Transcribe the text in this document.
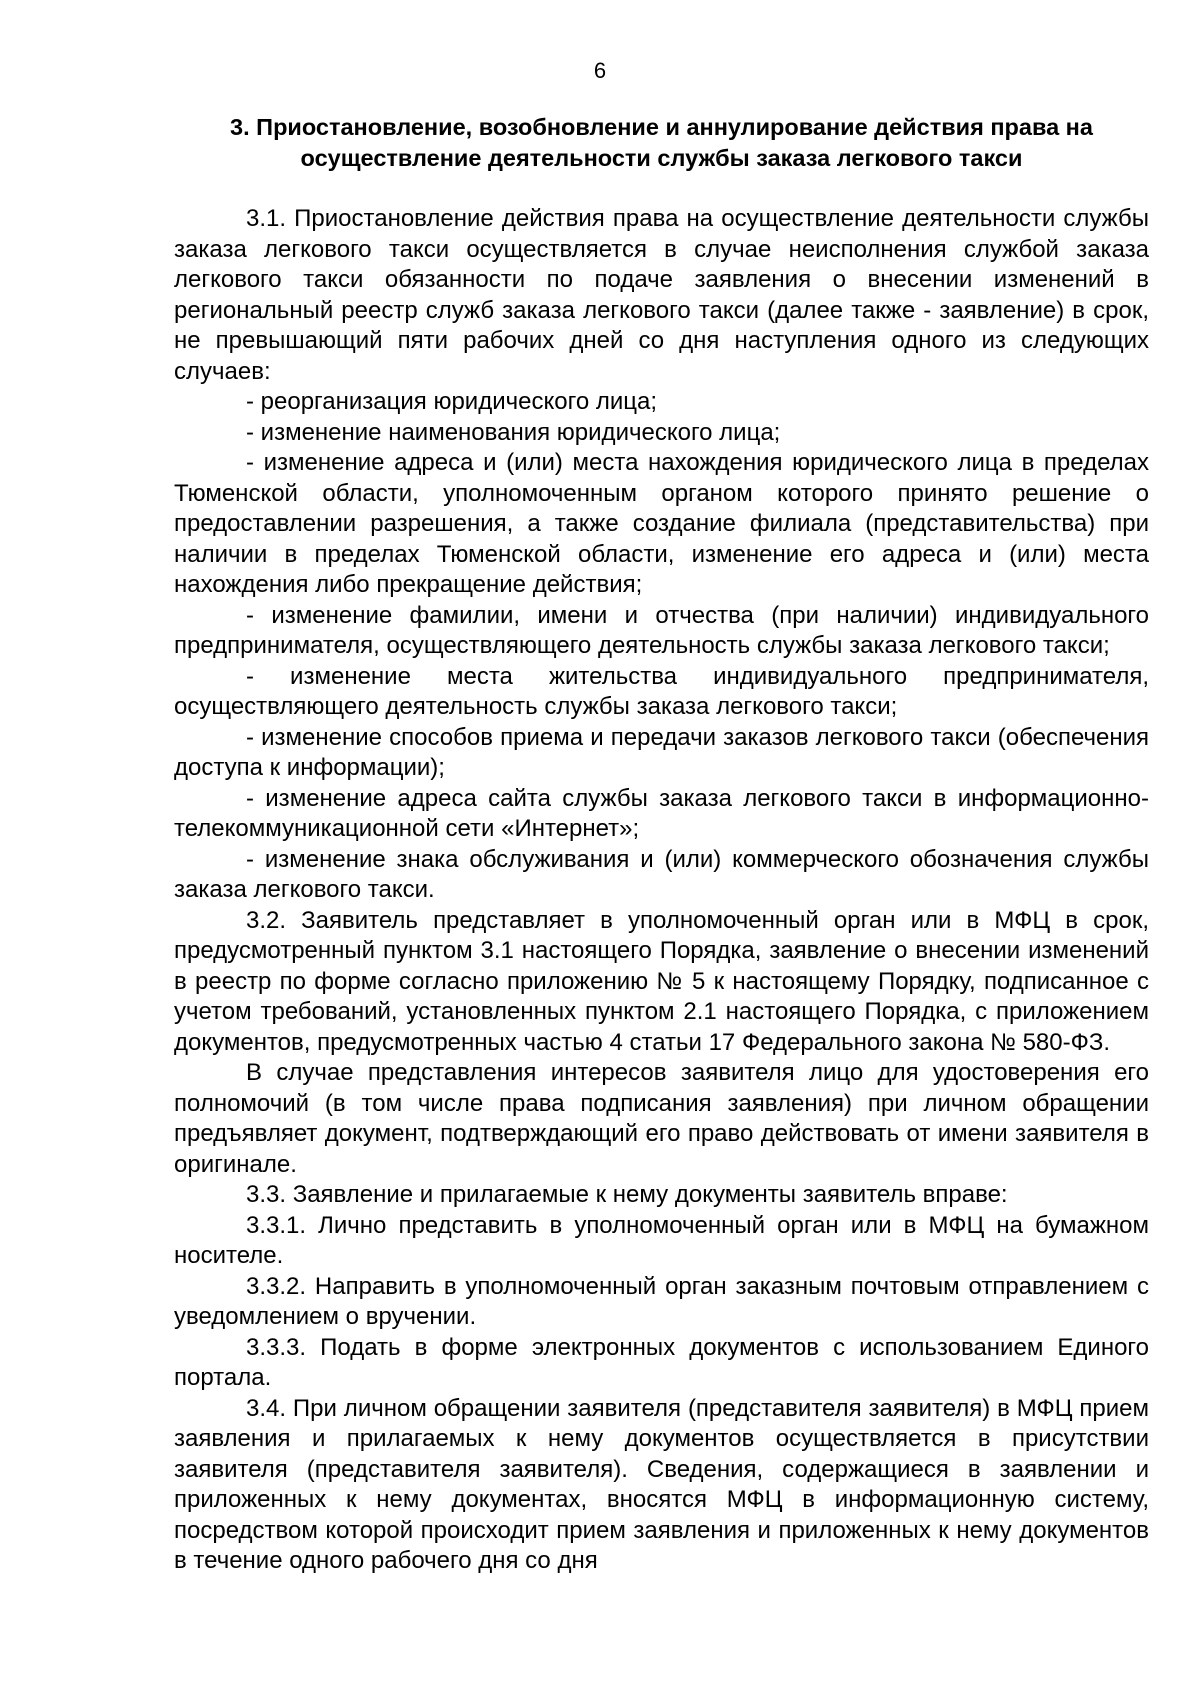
6
3. Приостановление, возобновление и аннулирование действия права на осуществление деятельности службы заказа легкового такси

3.1. Приостановление действия права на осуществление деятельности службы заказа легкового такси осуществляется в случае неисполнения службой заказа легкового такси обязанности по подаче заявления о внесении изменений в региональный реестр служб заказа легкового такси (далее также - заявление) в срок, не превышающий пяти рабочих дней со дня наступления одного из следующих случаев:

- реорганизация юридического лица;

- изменение наименования юридического лица;

- изменение адреса и (или) места нахождения юридического лица в пределах Тюменской области, уполномоченным органом которого принято решение о предоставлении разрешения, а также создание филиала (представительства) при наличии в пределах Тюменской области, изменение его адреса и (или) места нахождения либо прекращение действия;

- изменение фамилии, имени и отчества (при наличии) индивидуального предпринимателя, осуществляющего деятельность службы заказа легкового такси;

- изменение места жительства индивидуального предпринимателя, осуществляющего деятельность службы заказа легкового такси;

- изменение способов приема и передачи заказов легкового такси (обеспечения доступа к информации);

- изменение адреса сайта службы заказа легкового такси в информационно-телекоммуникационной сети «Интернет»;

- изменение знака обслуживания и (или) коммерческого обозначения службы заказа легкового такси.

3.2. Заявитель представляет в уполномоченный орган или в МФЦ в срок, предусмотренный пунктом 3.1 настоящего Порядка, заявление о внесении изменений в реестр по форме согласно приложению № 5 к настоящему Порядку, подписанное с учетом требований, установленных пунктом 2.1 настоящего Порядка, с приложением документов, предусмотренных частью 4 статьи 17 Федерального закона № 580-ФЗ.

В случае представления интересов заявителя лицо для удостоверения его полномочий (в том числе права подписания заявления) при личном обращении предъявляет документ, подтверждающий его право действовать от имени заявителя в оригинале.

3.3. Заявление и прилагаемые к нему документы заявитель вправе:

3.3.1. Лично представить в уполномоченный орган или в МФЦ на бумажном носителе.

3.3.2. Направить в уполномоченный орган заказным почтовым отправлением с уведомлением о вручении.

3.3.3. Подать в форме электронных документов с использованием Единого портала.

3.4. При личном обращении заявителя (представителя заявителя) в МФЦ прием заявления и прилагаемых к нему документов осуществляется в присутствии заявителя (представителя заявителя). Сведения, содержащиеся в заявлении и приложенных к нему документах, вносятся МФЦ в информационную систему, посредством которой происходит прием заявления и приложенных к нему документов в течение одного рабочего дня со дня
